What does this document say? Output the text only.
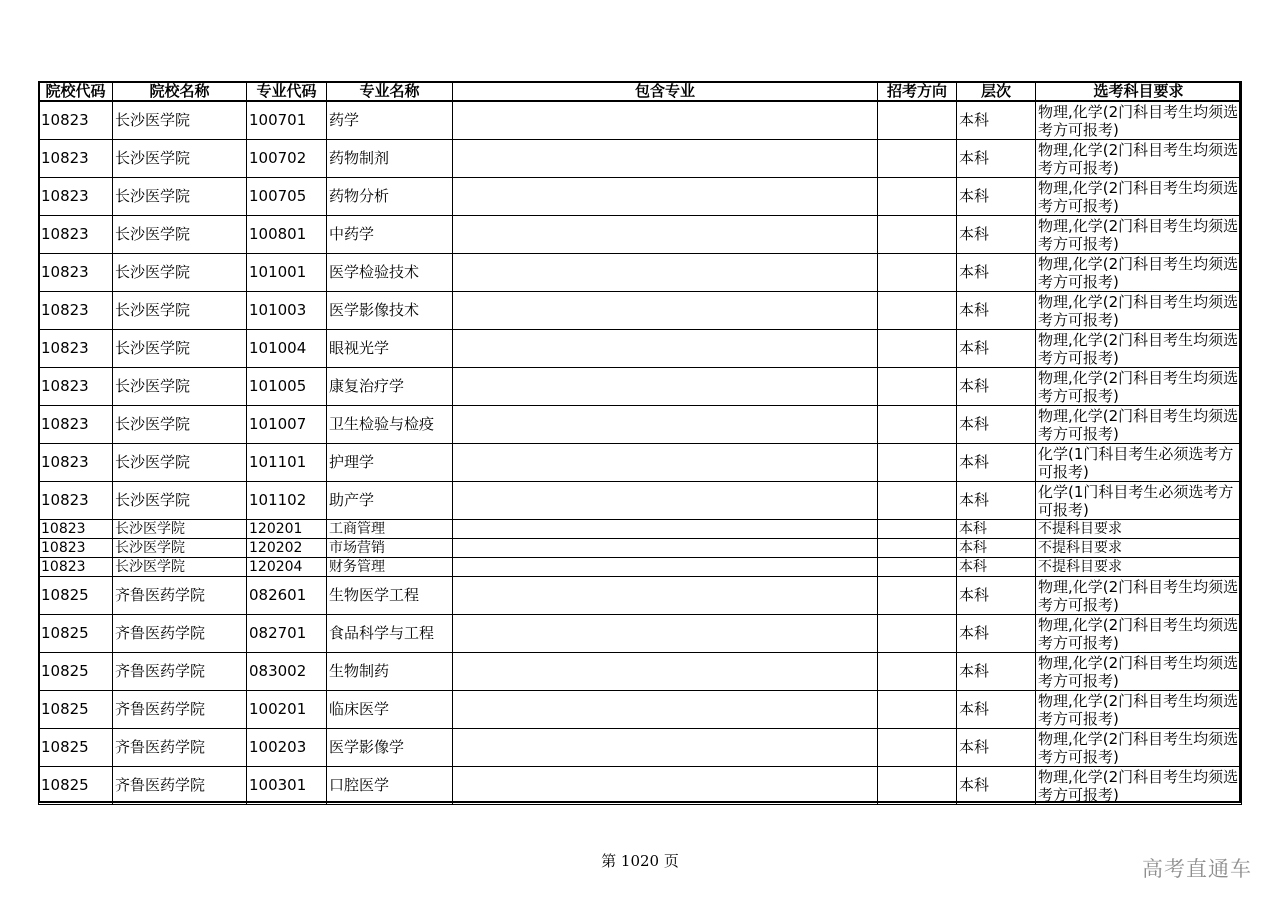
院校代码	院校名称	专业代码	专业名称	包含专业	招考方向	层次	选考科目要求
10823	长沙医学院	100701	药学			本科	物理,化学(2门科目考生均须选考方可报考)
10823	长沙医学院	100702	药物制剂			本科	物理,化学(2门科目考生均须选考方可报考)
10823	长沙医学院	100705	药物分析			本科	物理,化学(2门科目考生均须选考方可报考)
10823	长沙医学院	100801	中药学			本科	物理,化学(2门科目考生均须选考方可报考)
10823	长沙医学院	101001	医学检验技术			本科	物理,化学(2门科目考生均须选考方可报考)
10823	长沙医学院	101003	医学影像技术			本科	物理,化学(2门科目考生均须选考方可报考)
10823	长沙医学院	101004	眼视光学			本科	物理,化学(2门科目考生均须选考方可报考)
10823	长沙医学院	101005	康复治疗学			本科	物理,化学(2门科目考生均须选考方可报考)
10823	长沙医学院	101007	卫生检验与检疫			本科	物理,化学(2门科目考生均须选考方可报考)
10823	长沙医学院	101101	护理学			本科	化学(1门科目考生必须选考方可报考)
10823	长沙医学院	101102	助产学			本科	化学(1门科目考生必须选考方可报考)
10823	长沙医学院	120201	工商管理			本科	不提科目要求
10823	长沙医学院	120202	市场营销			本科	不提科目要求
10823	长沙医学院	120204	财务管理			本科	不提科目要求
10825	齐鲁医药学院	082601	生物医学工程			本科	物理,化学(2门科目考生均须选考方可报考)
10825	齐鲁医药学院	082701	食品科学与工程			本科	物理,化学(2门科目考生均须选考方可报考)
10825	齐鲁医药学院	083002	生物制药			本科	物理,化学(2门科目考生均须选考方可报考)
10825	齐鲁医药学院	100201	临床医学			本科	物理,化学(2门科目考生均须选考方可报考)
10825	齐鲁医药学院	100203	医学影像学			本科	物理,化学(2门科目考生均须选考方可报考)
10825	齐鲁医药学院	100301	口腔医学			本科	物理,化学(2门科目考生均须选考方可报考)
第 1020 页	高考直通车
